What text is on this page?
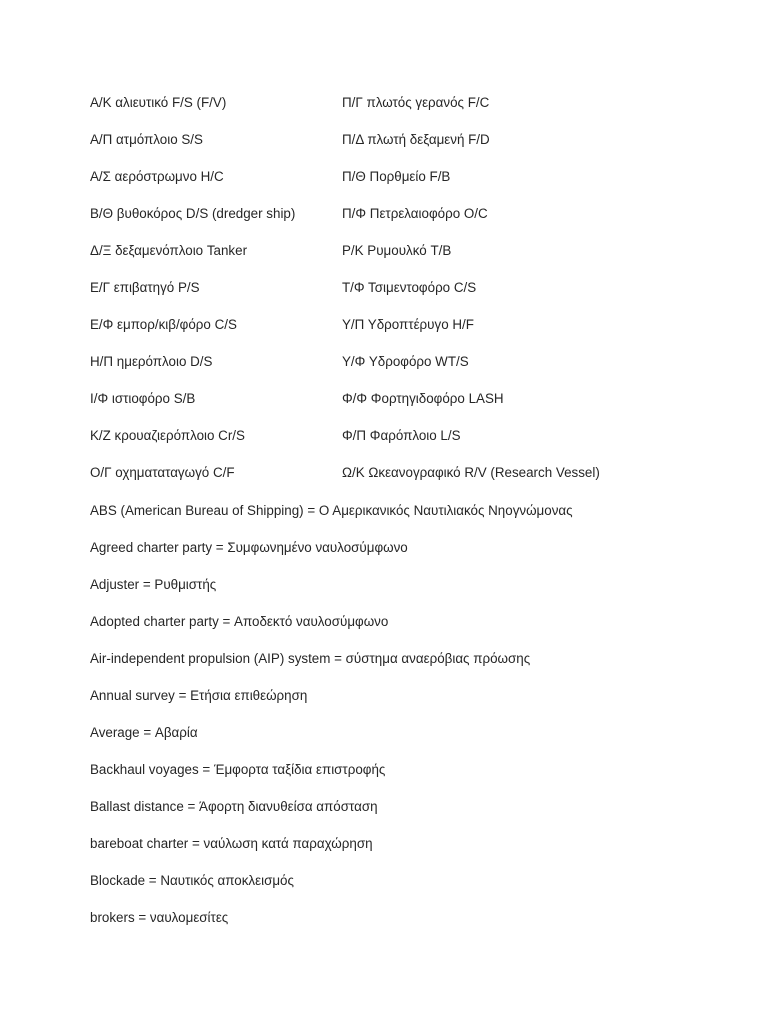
Α/Κ αλιευτικό F/S (F/V)	Π/Γ πλωτός γερανός F/C
Α/Π ατμόπλοιο S/S	Π/Δ πλωτή δεξαμενή F/D
Α/Σ αερόστρωμνο H/C	Π/Θ Πορθμείο F/B
Β/Θ βυθοκόρος D/S (dredger ship)	Π/Φ Πετρελαιοφόρο O/C
Δ/Ξ δεξαμενόπλοιο Tanker	Ρ/Κ Ρυμουλκό T/B
Ε/Γ επιβατηγό P/S	Τ/Φ Τσιμεντοφόρο C/S
Ε/Φ εμπορ/κιβ/φόρο C/S	Υ/Π Υδροπτέρυγο H/F
Η/Π ημερόπλοιο D/S	Υ/Φ Υδροφόρο WT/S
Ι/Φ ιστιοφόρο S/B	Φ/Φ Φορτηγιδοφόρο LASH
Κ/Ζ κρουαζιερόπλοιο Cr/S	Φ/Π Φαρόπλοιο L/S
Ο/Γ οχηματαταγωγό C/F	Ω/Κ Ωκεανογραφικό R/V (Research Vessel)
ABS (American Bureau of Shipping) = Ο Αμερικανικός Ναυτιλιακός Νηογνώμονας
Agreed charter party = Συμφωνημένο ναυλοσύμφωνο
Adjuster = Ρυθμιστής
Adopted charter party = Αποδεκτό ναυλοσύμφωνο
Air-independent propulsion (AIP) system = σύστημα αναερόβιας πρόωσης
Annual survey = Ετήσια επιθεώρηση
Average = Αβαρία
Backhaul voyages = Έμφορτα ταξίδια επιστροφής
Ballast distance = Άφορτη διανυθείσα απόσταση
bareboat charter = ναύλωση κατά παραχώρηση
Blockade = Ναυτικός αποκλεισμός
brokers = ναυλομεσίτες
